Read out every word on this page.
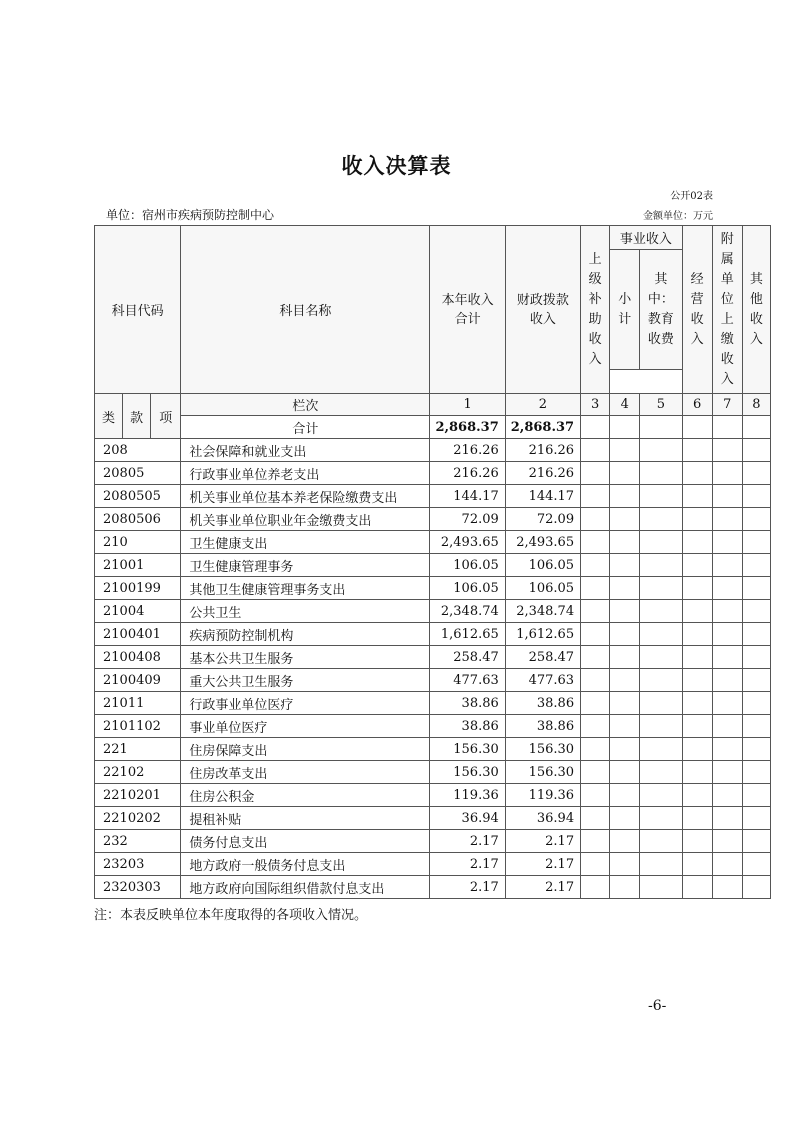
收入决算表
公开02表
单位：宿州市疾病预防控制中心	金额单位：万元
科目代码			科目名称	本年收入合计	财政拨款收入	上级补助收入	事业收入		经营收入	附属单位上缴收入	其他收入
							小计	其中：教育收费			

类	款	项	栏次	1	2	3	4	5	6	7	8
			合计	2,868.37	2,868.37						
208			社会保障和就业支出	216.26	216.26						
20805			行政事业单位养老支出	216.26	216.26						
2080505			机关事业单位基本养老保险缴费支出	144.17	144.17						
2080506			机关事业单位职业年金缴费支出	72.09	72.09						
210			卫生健康支出	2,493.65	2,493.65						
21001			卫生健康管理事务	106.05	106.05						
2100199			其他卫生健康管理事务支出	106.05	106.05						
21004			公共卫生	2,348.74	2,348.74						
2100401			疾病预防控制机构	1,612.65	1,612.65						
2100408			基本公共卫生服务	258.47	258.47						
2100409			重大公共卫生服务	477.63	477.63						
21011			行政事业单位医疗	38.86	38.86						
2101102			事业单位医疗	38.86	38.86						
221			住房保障支出	156.30	156.30						
22102			住房改革支出	156.30	156.30						
2210201			住房公积金	119.36	119.36						
2210202			提租补贴	36.94	36.94						
232			债务付息支出	2.17	2.17						
23203			地方政府一般债务付息支出	2.17	2.17						
2320303			地方政府向国际组织借款付息支出	2.17	2.17						
注：本表反映单位本年度取得的各项收入情况。
-6-
